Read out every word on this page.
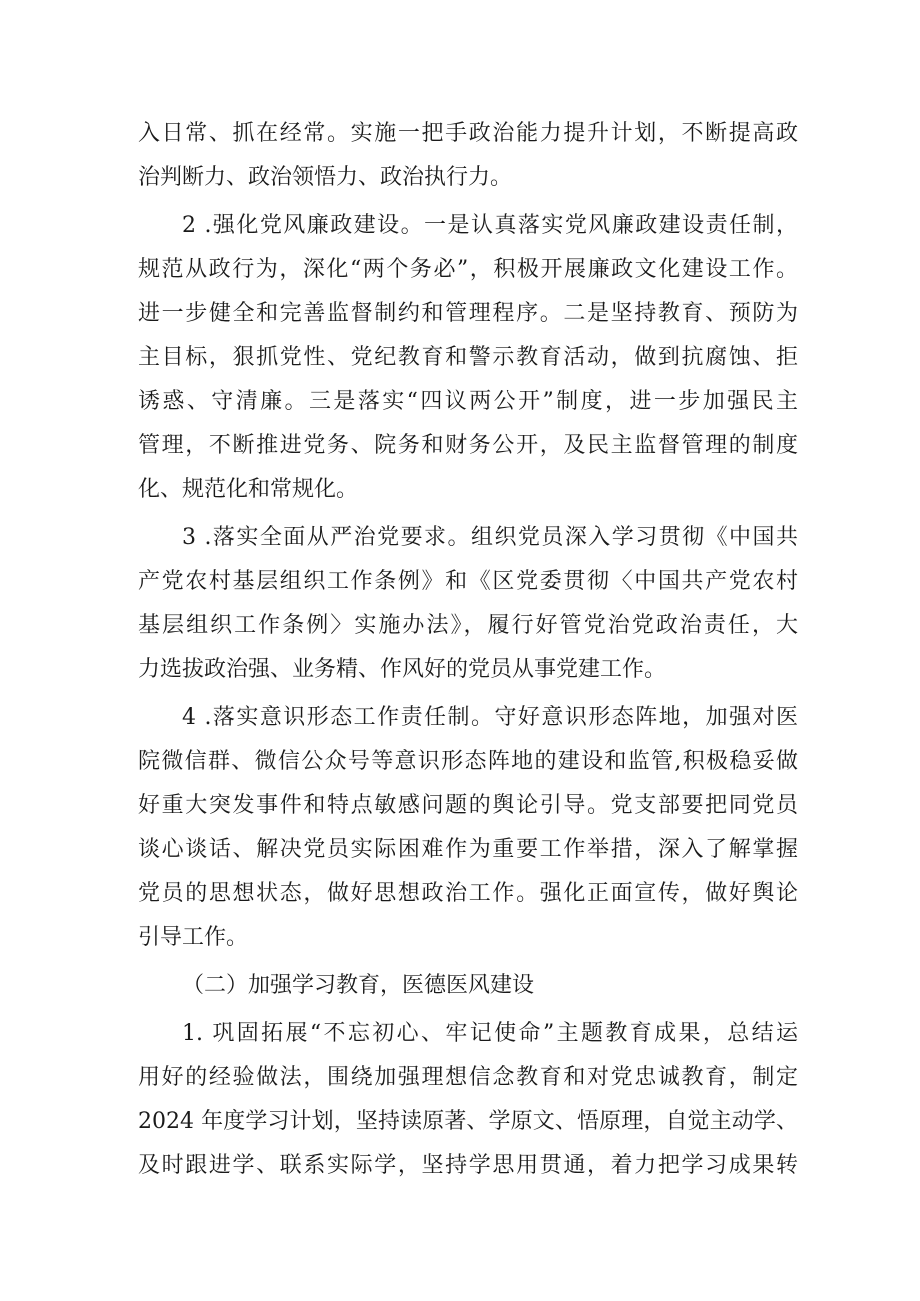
入日常、抓在经常。实施一把手政治能力提升计划，不断提高政
治判断力、政治领悟力、政治执行力。
2 .强化党风廉政建设。一是认真落实党风廉政建设责任制，
规范从政行为，深化“两个务必”，积极开展廉政文化建设工作。
进一步健全和完善监督制约和管理程序。二是坚持教育、预防为
主目标，狠抓党性、党纪教育和警示教育活动，做到抗腐蚀、拒
诱惑、守清廉。三是落实“四议两公开”制度，进一步加强民主
管理，不断推进党务、院务和财务公开，及民主监督管理的制度
化、规范化和常规化。
3 .落实全面从严治党要求。组织党员深入学习贯彻《中国共
产党农村基层组织工作条例》和《区党委贯彻〈中国共产党农村
基层组织工作条例〉实施办法》，履行好管党治党政治责任，大
力选拔政治强、业务精、作风好的党员从事党建工作。
4 .落实意识形态工作责任制。守好意识形态阵地，加强对医
院微信群、微信公众号等意识形态阵地的建设和监管,积极稳妥做
好重大突发事件和特点敏感问题的舆论引导。党支部要把同党员
谈心谈话、解决党员实际困难作为重要工作举措，深入了解掌握
党员的思想状态，做好思想政治工作。强化正面宣传，做好舆论
引导工作。
（二）加强学习教育，医德医风建设
1. 巩固拓展“不忘初心、牢记使命”主题教育成果，总结运
用好的经验做法，围绕加强理想信念教育和对党忠诚教育，制定
2024 年度学习计划，坚持读原著、学原文、悟原理，自觉主动学、
及时跟进学、联系实际学，坚持学思用贯通，着力把学习成果转
